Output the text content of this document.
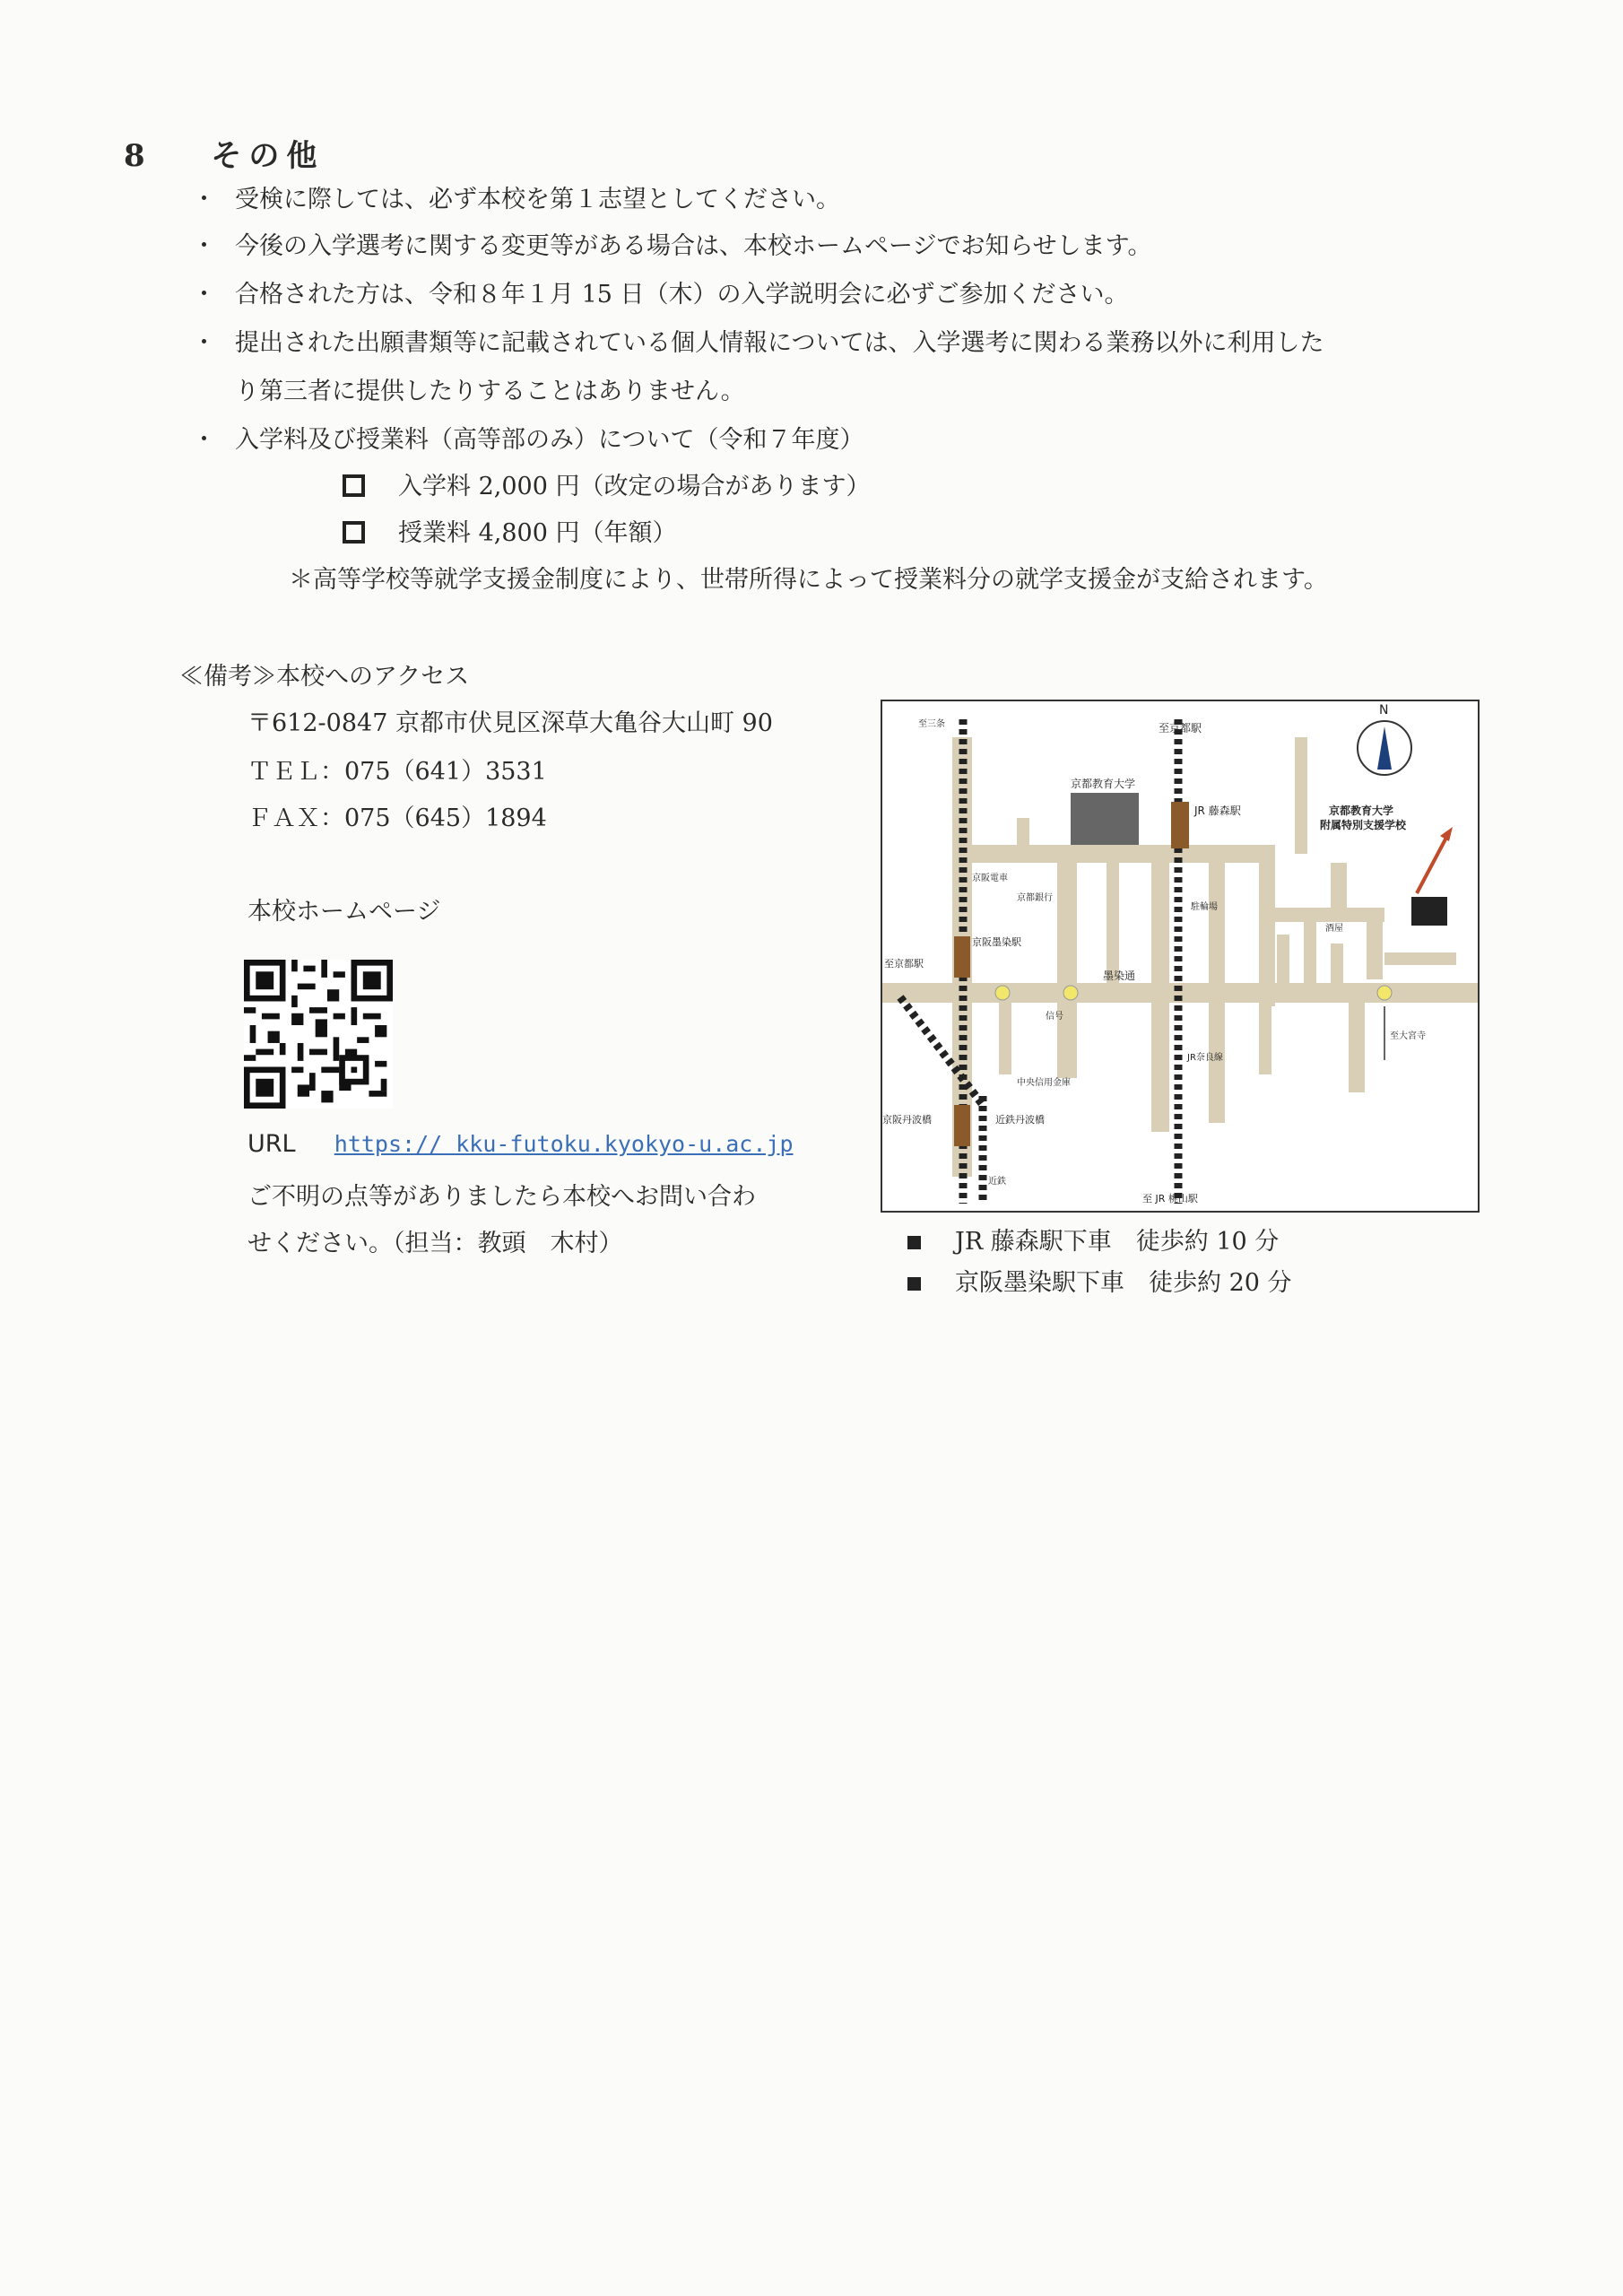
8 その他
・ 受検に際しては、必ず本校を第１志望としてください。
・ 今後の入学選考に関する変更等がある場合は、本校ホームページでお知らせします。
・ 合格された方は、令和８年１月 15 日（木）の入学説明会に必ずご参加ください。
・ 提出された出願書類等に記載されている個人情報については、入学選考に関わる業務以外に利用した
り第三者に提供したりすることはありません。
・ 入学料及び授業料（高等部のみ）について（令和７年度）
入学料 2,000 円（改定の場合があります）
授業料 4,800 円（年額）
＊高等学校等就学支援金制度により、世帯所得によって授業料分の就学支援金が支給されます。
≪備考≫本校へのアクセス
〒612‐0847 京都市伏見区深草大亀谷大山町 90
ＴＥＬ：075（641）3531
ＦＡＸ：075（645）1894
本校ホームページ
URL https:// kku-futoku.kyokyo-u.ac.jp
ご不明の点等がありましたら本校へお問い合わ
せください。（担当：教頭　木村）
N
京都教育大学
京都教育大学
附属特別支援学校
JR 藤森駅
至京都駅
至三条
京阪墨染駅
至京都駅
墨染通
京阪丹波橋	近鉄丹波橋
至 JR 桃山駅
京阪電車
JR奈良線
京都銀行
中央信用金庫
駐輪場
信号
酒屋
至大宮寺
近鉄
JR 藤森駅下車　徒歩約 10 分
京阪墨染駅下車　徒歩約 20 分
